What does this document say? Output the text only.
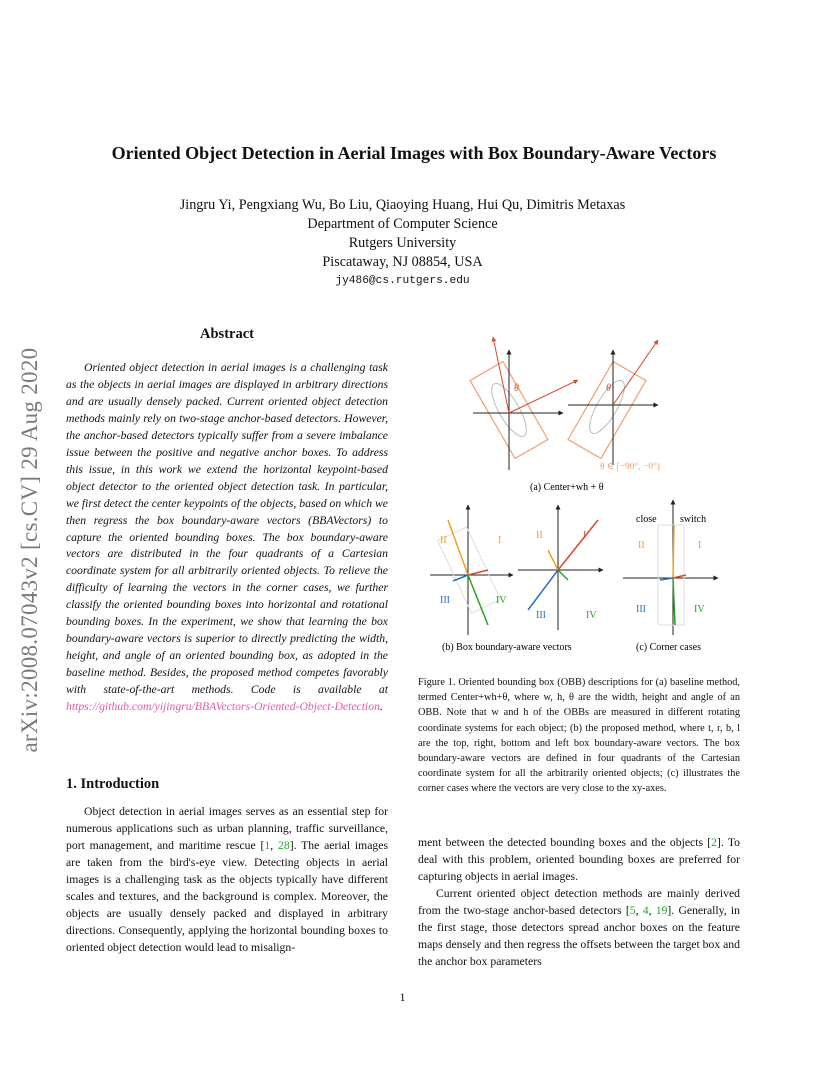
arXiv:2008.07043v2 [cs.CV] 29 Aug 2020
Oriented Object Detection in Aerial Images with Box Boundary-Aware Vectors
Jingru Yi, Pengxiang Wu, Bo Liu, Qiaoying Huang, Hui Qu, Dimitris Metaxas
Department of Computer Science
Rutgers University
Piscataway, NJ 08854, USA
jy486@cs.rutgers.edu
Abstract

Oriented object detection in aerial images is a challenging task as the objects in aerial images are displayed in arbitrary directions and are usually densely packed. Current oriented object detection methods mainly rely on two-stage anchor-based detectors. However, the anchor-based detectors typically suffer from a severe imbalance issue between the positive and negative anchor boxes. To address this issue, in this work we extend the horizontal keypoint-based object detector to the oriented object detection task. In particular, we first detect the center keypoints of the objects, based on which we then regress the box boundary-aware vectors (BBAVectors) to capture the oriented bounding boxes. The box boundary-aware vectors are distributed in the four quadrants of a Cartesian coordinate system for all arbitrarily oriented objects. To relieve the difficulty of learning the vectors in the corner cases, we further classify the oriented bounding boxes into horizontal and rotational bounding boxes. In the experiment, we show that learning the box boundary-aware vectors is superior to directly predicting the width, height, and angle of an oriented bounding box, as adopted in the baseline method. Besides, the proposed method competes favorably with state-of-the-art methods. Code is available at https://github.com/yijingru/BBAVectors-Oriented-Object-Detection.

1. Introduction

Object detection in aerial images serves as an essential step for numerous applications such as urban planning, traffic surveillance, port management, and maritime rescue [1, 28]. The aerial images are taken from the bird's-eye view. Detecting objects in aerial images is a challenging task as the objects typically have different scales and textures, and the background is complex. Moreover, the objects are usually densely packed and displayed in arbitrary directions. Consequently, applying the horizontal bounding boxes to oriented object detection would lead to misalign-

ment between the detected bounding boxes and the objects [2]. To deal with this problem, oriented bounding boxes are preferred for capturing objects in aerial images.

Current oriented object detection methods are mainly derived from the two-stage anchor-based detectors [5, 4, 19]. Generally, in the first stage, those detectors spread anchor boxes on the feature maps densely and then regress the offsets between the target box and the anchor box parameters

θ	θ
θ ∈ [−90°, −0°)
(a) Center+wh + θ
III	IV
I
II	I
II
III	IV
(b) Box boundary-aware vectors
close switch
II	I
III	IV
(c) Corner cases
Figure 1. Oriented bounding box (OBB) descriptions for (a) baseline method, termed Center+wh+θ, where w, h, θ are the width, height and angle of an OBB. Note that w and h of the OBBs are measured in different rotating coordinate systems for each object; (b) the proposed method, where t, r, b, l are the top, right, bottom and left box boundary-aware vectors. The box boundary-aware vectors are defined in four quadrants of the Cartesian coordinate system for all the arbitrarily oriented objects; (c) illustrates the corner cases where the vectors are very close to the xy-axes.
1
